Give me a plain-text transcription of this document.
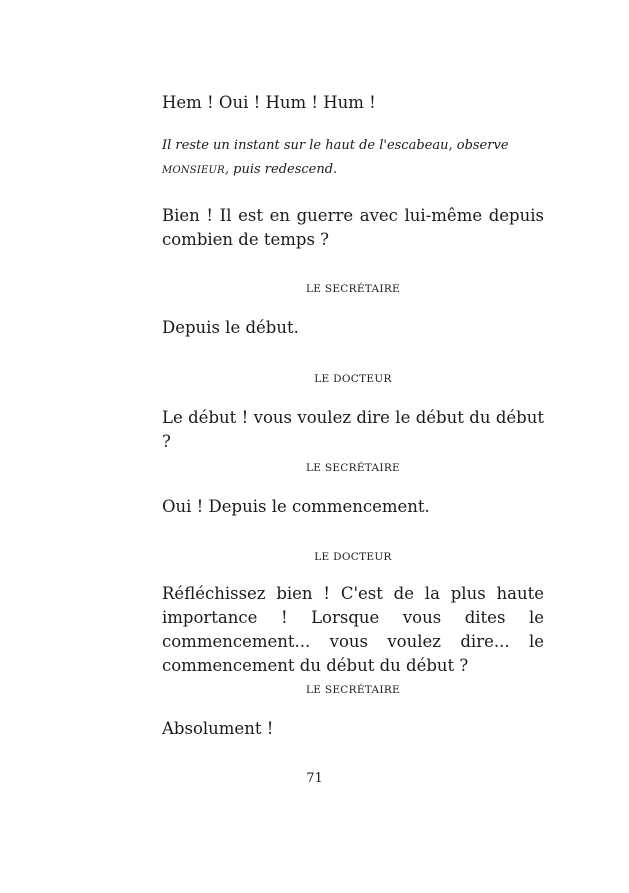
Hem ! Oui ! Hum ! Hum !

Il reste un instant sur le haut de l'escabeau, observe MONSIEUR, puis redescend.

Bien ! Il est en guerre avec lui-même depuis combien de temps ?

LE SECRÉTAIRE

Depuis le début.

LE DOCTEUR

Le début ! vous voulez dire le début du début ?

LE SECRÉTAIRE

Oui ! Depuis le commencement.

LE DOCTEUR

Réfléchissez bien ! C'est de la plus haute importance ! Lorsque vous dites le commencement... vous voulez dire... le commencement du début du début ?

LE SECRÉTAIRE

Absolument !

71
